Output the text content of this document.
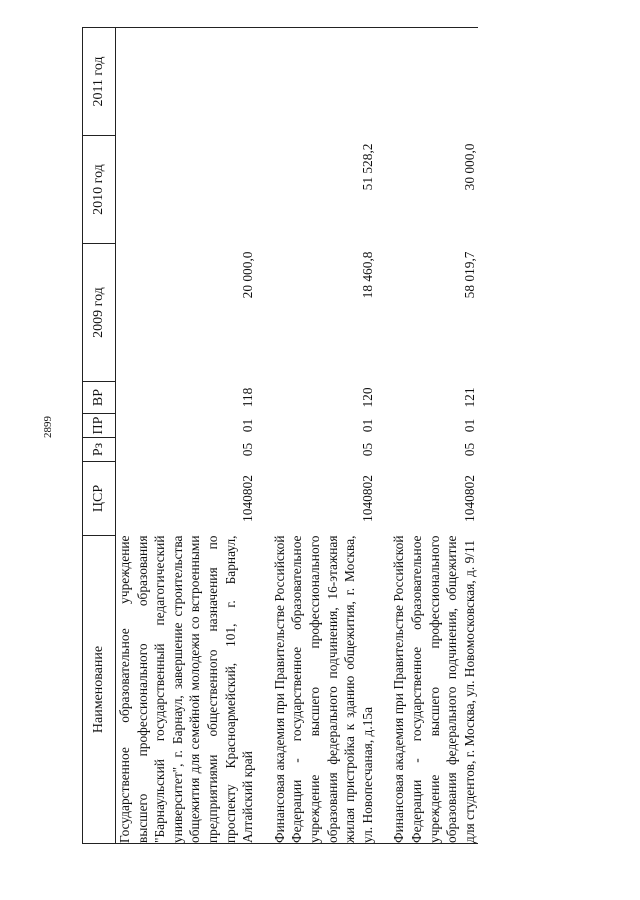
2899
Наименование	ЦСР	Рз	ПР	ВР	2009 год	2010 год	2011 год
Государственное образовательное учреждение высшего профессионального образования "Барнаульский государственный педагогический университет", г. Барнаул, завершение строительства общежития для семейной молодежи со встроенными предприятиями общественного назначения по проспекту Красноармейский, 101, г. Барнаул, Алтайский край	1040802	05	01	118	20 000,0		
Финансовая академия при Правительстве Российской Федерации - государственное образовательное учреждение высшего профессионального образования федерального подчинения, 16-этажная жилая пристройка к зданию общежития, г. Москва, ул. Новопесчаная, д.15а	1040802	05	01	120	18 460,8	51 528,2	
Финансовая академия при Правительстве Российской Федерации - государственное образовательное учреждение высшего профессионального образования федерального подчинения, общежитие для студентов, г. Москва, ул. Новомосковская, д. 9/11	1040802	05	01	121	58 019,7	30 000,0	
